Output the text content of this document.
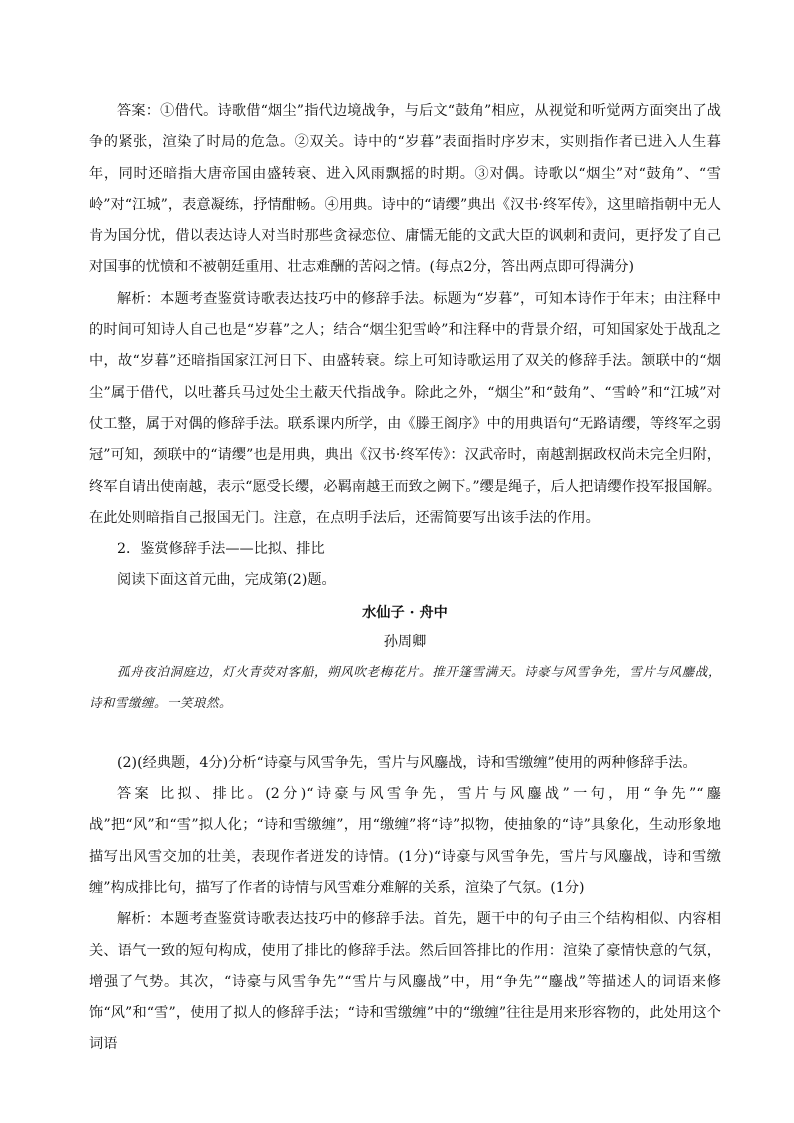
答案：①借代。诗歌借“烟尘”指代边境战争，与后文“鼓角”相应，从视觉和听觉两方面突出了战争的紧张，渲染了时局的危急。②双关。诗中的“岁暮”表面指时序岁末，实则指作者已进入人生暮年，同时还暗指大唐帝国由盛转衰、进入风雨飘摇的时期。③对偶。诗歌以“烟尘”对“鼓角”、“雪岭”对“江城”，表意凝练，抒情酣畅。④用典。诗中的“请缨”典出《汉书·终军传》，这里暗指朝中无人肯为国分忧，借以表达诗人对当时那些贪禄恋位、庸懦无能的文武大臣的讽刺和责问，更抒发了自己对国事的忧愤和不被朝廷重用、壮志难酬的苦闷之情。(每点2分，答出两点即可得满分)

解析：本题考查鉴赏诗歌表达技巧中的修辞手法。标题为“岁暮”，可知本诗作于年末；由注释中的时间可知诗人自己也是“岁暮”之人；结合“烟尘犯雪岭”和注释中的背景介绍，可知国家处于战乱之中，故“岁暮”还暗指国家江河日下、由盛转衰。综上可知诗歌运用了双关的修辞手法。颔联中的“烟尘”属于借代，以吐蕃兵马过处尘土蔽天代指战争。除此之外，“烟尘”和“鼓角”、“雪岭”和“江城”对仗工整，属于对偶的修辞手法。联系课内所学，由《滕王阁序》中的用典语句“无路请缨，等终军之弱冠”可知，颈联中的“请缨”也是用典，典出《汉书·终军传》：汉武帝时，南越割据政权尚未完全归附，终军自请出使南越，表示“愿受长缨，必羁南越王而致之阙下。”缨是绳子，后人把请缨作投军报国解。在此处则暗指自己报国无门。注意，在点明手法后，还需简要写出该手法的作用。

2．鉴赏修辞手法——比拟、排比

阅读下面这首元曲，完成第(2)题。

水仙子 · 舟中

孙周卿

孤舟夜泊洞庭边，灯火青荧对客船，朔风吹老梅花片。推开篷雪满天。诗豪与风雪争先，雪片与风鏖战，诗和雪缴缠。一笑琅然。

(2)(经典题，4分)分析“诗豪与风雪争先，雪片与风鏖战，诗和雪缴缠”使用的两种修辞手法。

答案 比拟、排比。(2分)“诗豪与风雪争先，雪片与风鏖战”一句，用“争先”“鏖战”把“风”和“雪”拟人化；“诗和雪缴缠”，用“缴缠”将“诗”拟物，使抽象的“诗”具象化，生动形象地描写出风雪交加的壮美，表现作者迸发的诗情。(1分)“诗豪与风雪争先，雪片与风鏖战，诗和雪缴缠”构成排比句，描写了作者的诗情与风雪难分难解的关系，渲染了气氛。(1分)

解析：本题考查鉴赏诗歌表达技巧中的修辞手法。首先，题干中的句子由三个结构相似、内容相关、语气一致的短句构成，使用了排比的修辞手法。然后回答排比的作用：渲染了豪情快意的气氛，增强了气势。其次，“诗豪与风雪争先”“雪片与风鏖战”中，用“争先”“鏖战”等描述人的词语来修饰“风”和“雪”，使用了拟人的修辞手法；“诗和雪缴缠”中的“缴缠”往往是用来形容物的，此处用这个词语
